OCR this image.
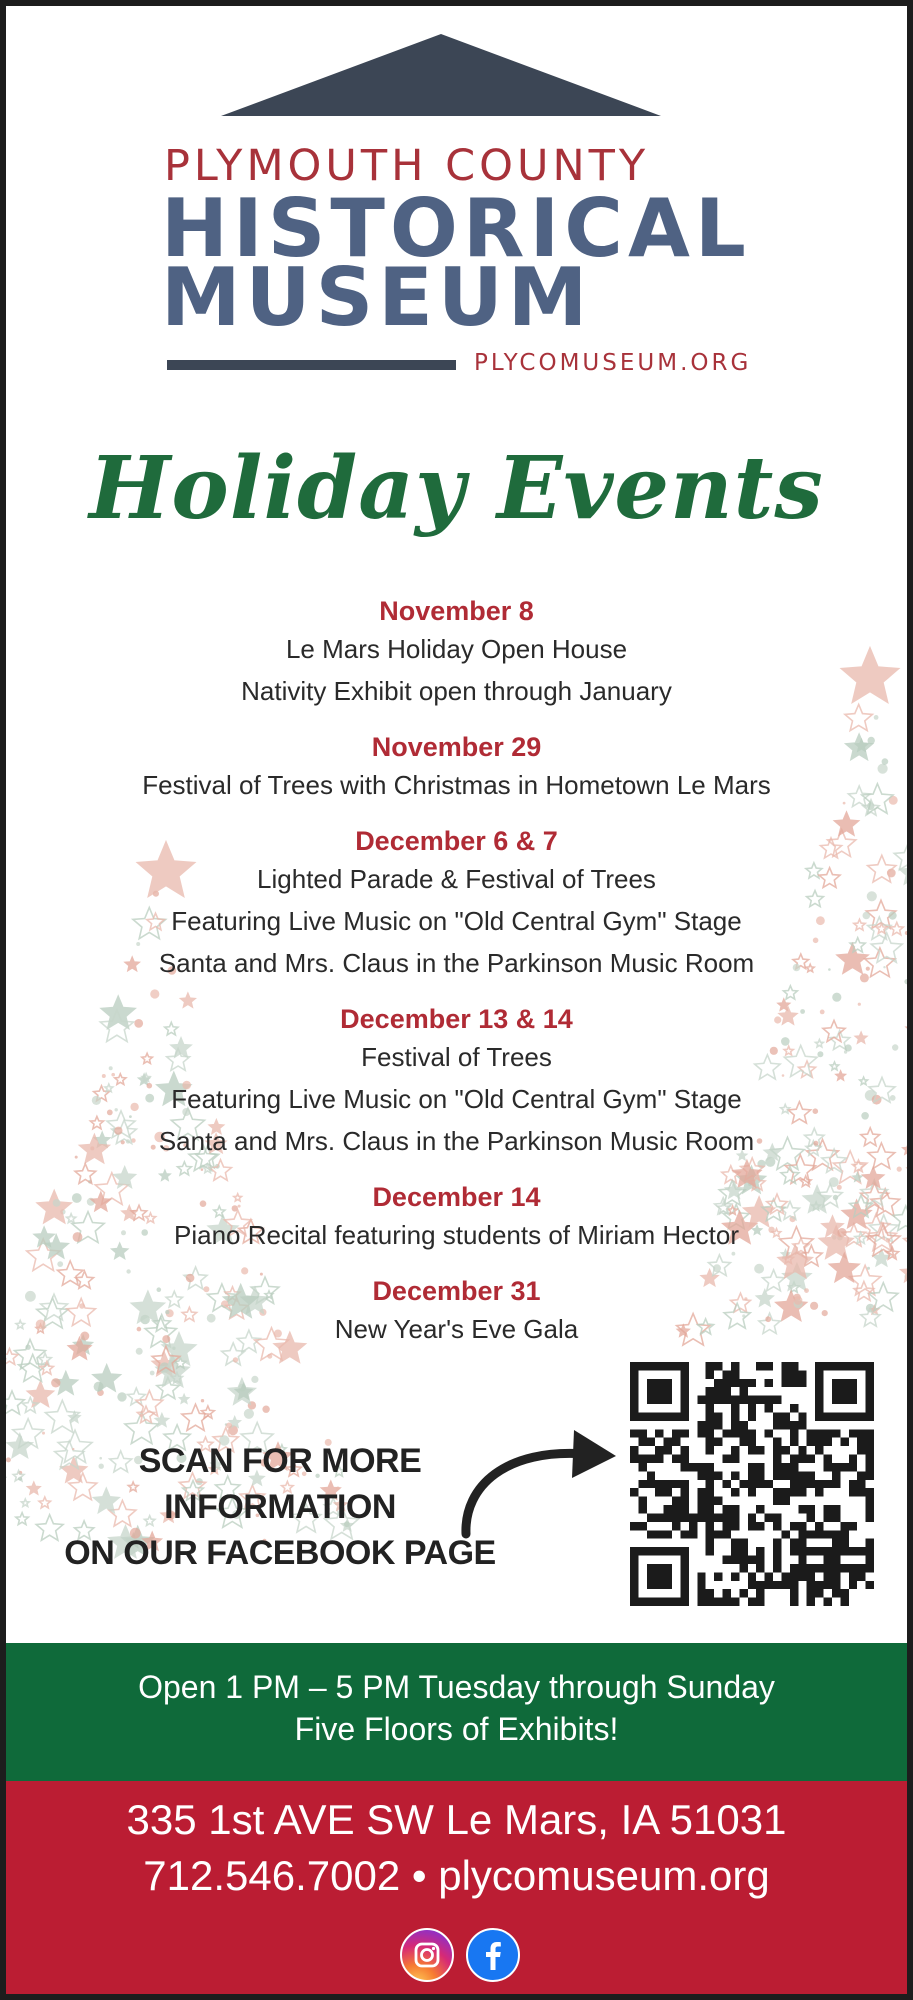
PLYMOUTH COUNTY
HISTORICAL
MUSEUM
PLYCOMUSEUM.ORG
Holiday Events
November 8
Le Mars Holiday Open House
Nativity Exhibit open through January
November 29
Festival of Trees with Christmas in Hometown Le Mars
December 6 & 7
Lighted Parade & Festival of Trees
Featuring Live Music on "Old Central Gym" Stage
Santa and Mrs. Claus in the Parkinson Music Room
December 13 & 14
Festival of Trees
Featuring Live Music on "Old Central Gym" Stage
Santa and Mrs. Claus in the Parkinson Music Room
December 14
Piano Recital featuring students of Miriam Hector
December 31
New Year's Eve Gala
SCAN FOR MORE
INFORMATION
ON OUR FACEBOOK PAGE
Open 1 PM – 5 PM Tuesday through Sunday
Five Floors of Exhibits!
335 1st AVE SW Le Mars, IA 51031
712.546.7002 • plycomuseum.org
